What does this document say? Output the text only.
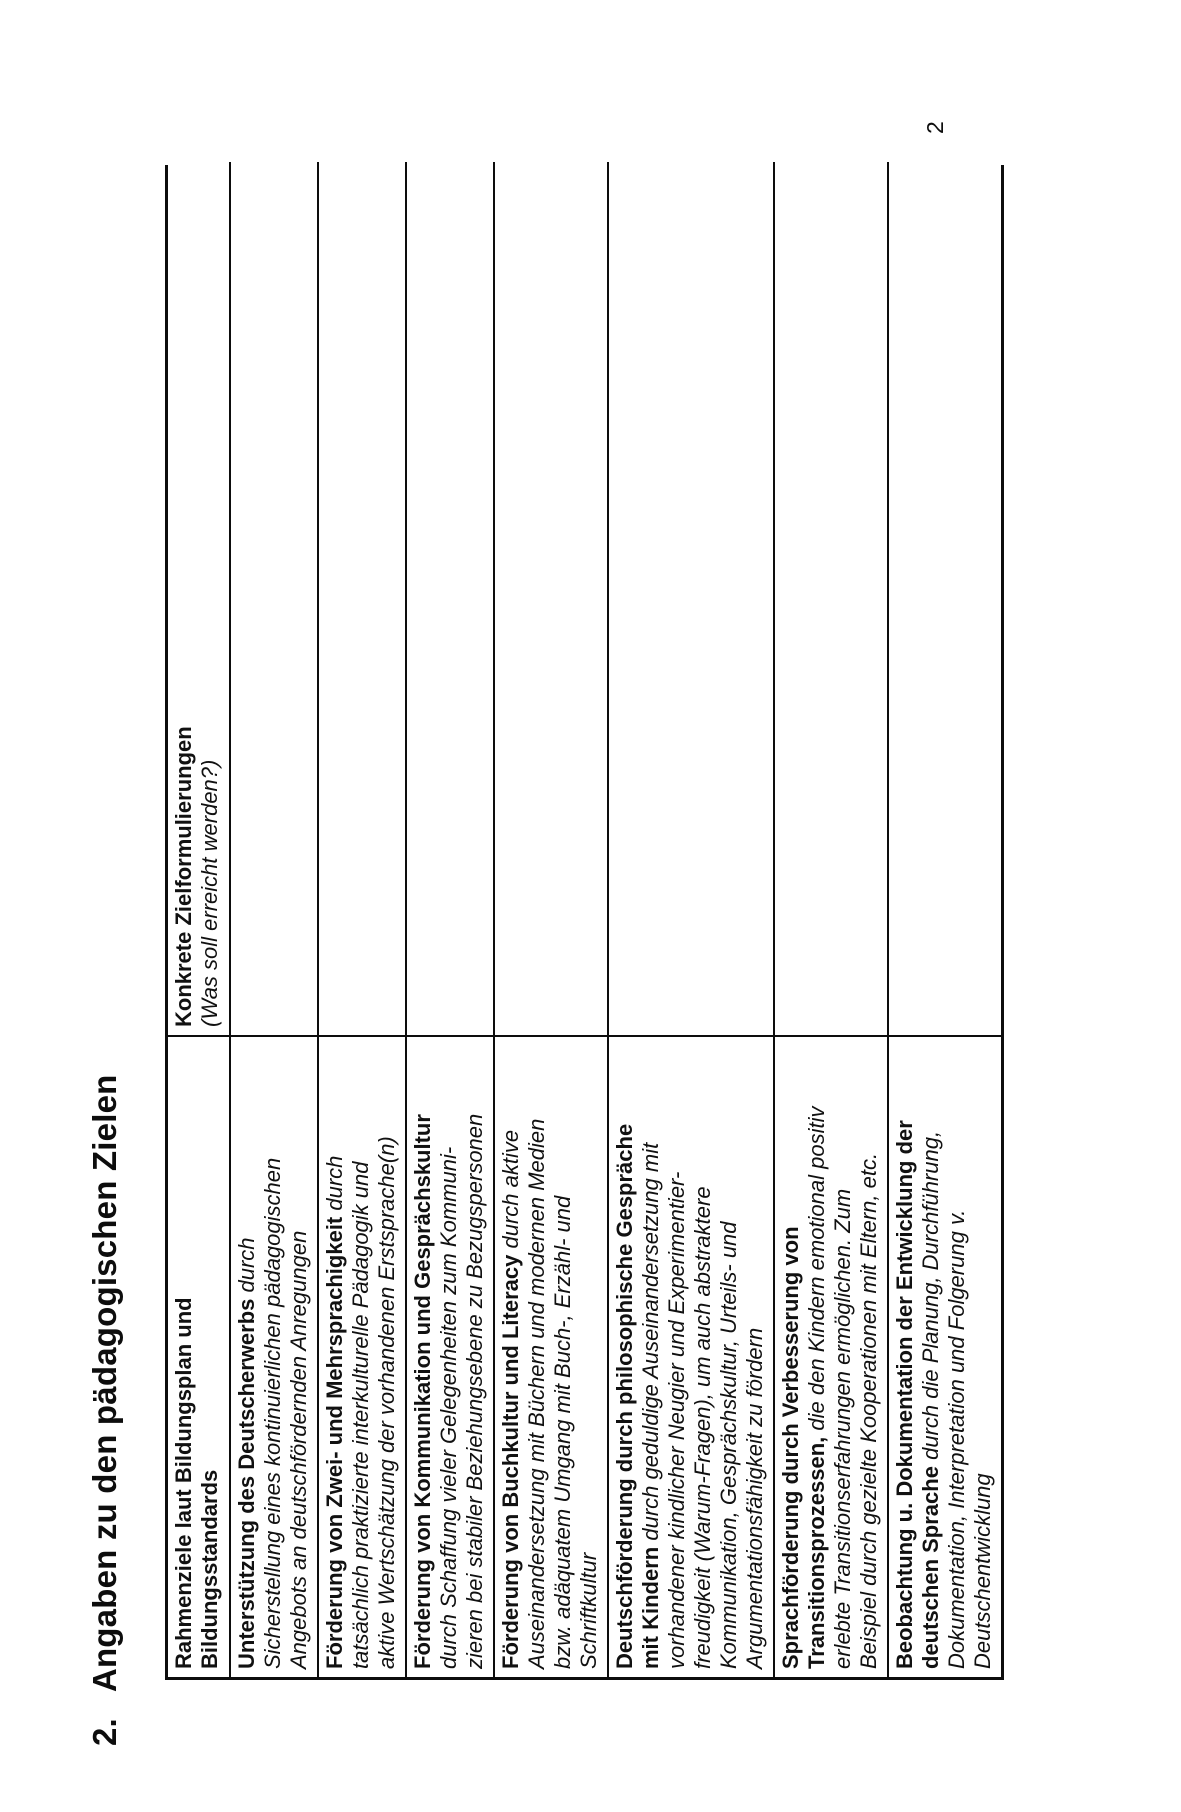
2.
Angaben zu den pädagogischen Zielen Rahmenziele laut Bildungsplan und Bildungsstandards
Konkrete Zielformulierungen (Was soll erreicht werden?)
Unterstützung des Deutscherwerbs durch Sicherstellung eines kontinuierlichen pädagogischen Angebots an deutschfördernden Anregungen Förderung von Zwei- und Mehrsprachigkeit durch tatsächlich praktizierte interkulturelle Pädagogik und aktive Wertschätzung der vorhandenen Erstsprache(n) Förderung von Kommunikation und Gesprächskultur durch Schaffung vieler Gelegenheiten zum Kommuni- zieren bei stabiler Beziehungsebene zu Bezugspersonen Förderung von Buchkultur und Literacy durch aktive Auseinandersetzung mit Büchern und modernen Medien bzw. adäquatem Umgang mit Buch-, Erzähl- und Schriftkultur Deutschförderung durch philosophische Gespräche mit Kindern durch geduldige Auseinandersetzung mit vorhandener kindlicher Neugier und Experimentier- freudigkeit (Warum-Fragen), um auch abstraktere Kommunikation, Gesprächskultur, Urteils- und Argumentationsfähigkeit zu fördern Sprachförderung durch Verbesserung von Transitionsprozessen, die den Kindern emotional positiv erlebte Transitionserfahrungen ermöglichen. Zum Beispiel durch gezielte Kooperationen mit Eltern, etc. Beobachtung u. Dokumentation der Entwicklung der deutschen Sprache durch die Planung, Durchführung, Dokumentation, Interpretation und Folgerung v. Deutschentwicklung
2
